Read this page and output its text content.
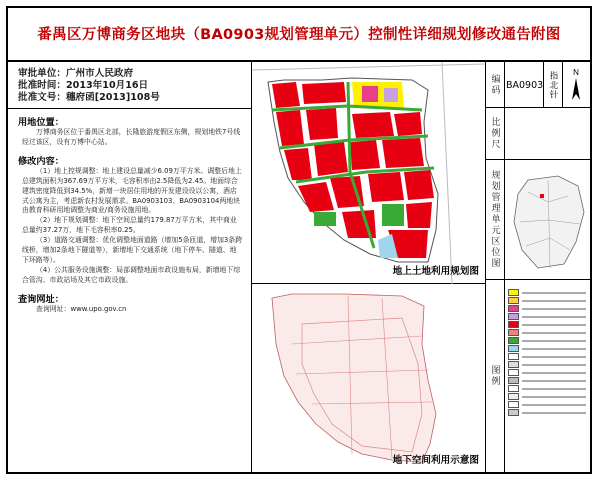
番禺区万博商务区地块（BA0903规划管理单元）控制性详细规划修改通告附图
审批单位：广州市人民政府
批准时间：2013年10月16日
批准文号：穗府函[2013]108号
用地位置：

万博商务区位于番禺区北部，长隆旅游度假区东侧，规划地铁7号线经过该区，设有万博中心站。

修改内容：

（1）地上控规调整：地上建设总量减少6.09万平方米。调整后地上总建筑面积为367.69万平方米，毛容积率由2.5降低为2.45。地面综合建筑密度降低到34.5%，新增一块居住用地的开发建设设以公寓，酒店式公寓为主，考虑新农村发展需求。BA0903103、BA0903104两地块由教育科研用地调整为商业/商务设施用地。

（2）地下规划调整：地下空间总量约179.87万平方米，其中商业总量约37.27万，地下毛容积率0.25。

（3）道路交通调整：优化调整地面道路（增加5条匝道，增加3条跨线桥，增加2条地下隧道等），新增地下交通系统（地下停车、隧道、地下环路等）。

（4）公共服务设施调整：局部调整地面市政设施布局，新增地下综合管沟、市政站场及其它市政设施。

查询网址：

查询网址：www.upo.gov.cn

地上土地利用规划图
地下空间利用示意图
编码 BA0903 指北针	N
比例尺
规划管理单元区位图
图例
